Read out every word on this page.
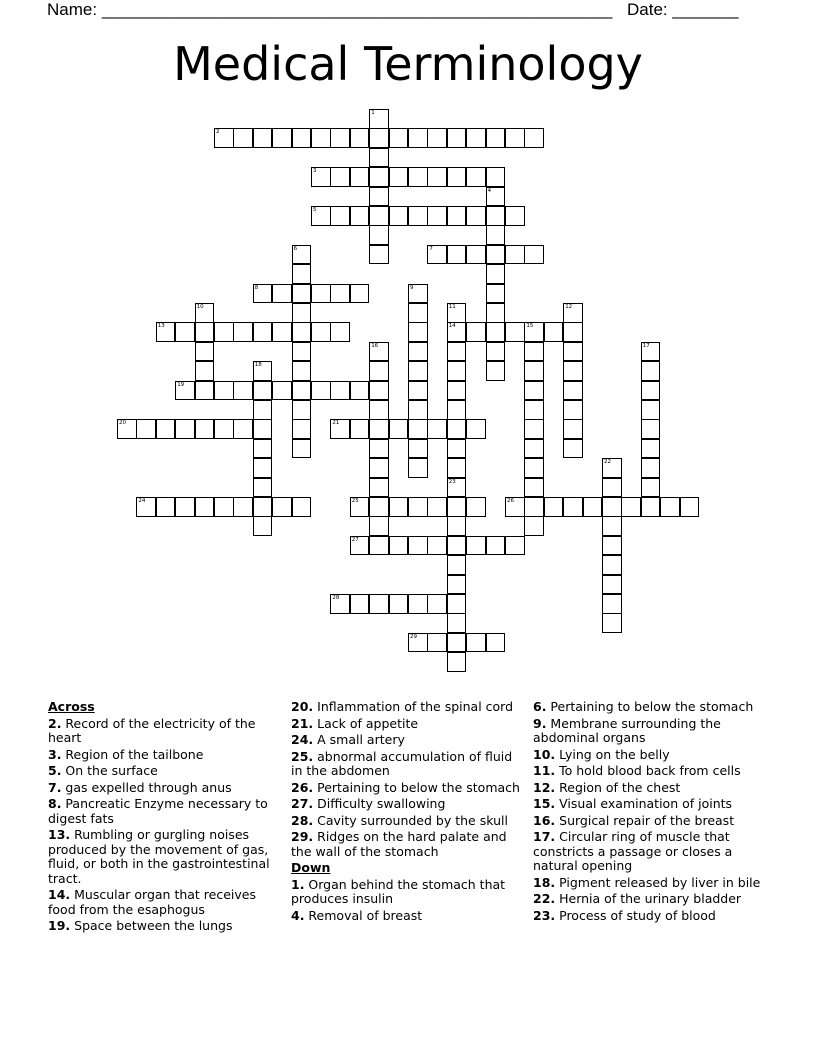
Name: ______________________________________________________ Date: _______
Medical Terminology
1
2
3
4
5
6	7
8	9
10	11
14
23
12
13	15
16	17
18
19
20	21
22
24	25	26
27
28
29
Across
2. Record of the electricity of the heart
3. Region of the tailbone
5. On the surface
7. gas expelled through anus
8. Pancreatic Enzyme necessary to digest fats
13. Rumbling or gurgling noises produced by the movement of gas, fluid, or both in the gastrointestinal tract.
14. Muscular organ that receives food from the esaphogus
19. Space between the lungs
20. Inflammation of the spinal cord
21. Lack of appetite
24. A small artery
25. abnormal accumulation of fluid in the abdomen
26. Pertaining to below the stomach
27. Difficulty swallowing
28. Cavity surrounded by the skull
29. Ridges on the hard palate and the wall of the stomach
Down
1. Organ behind the stomach that produces insulin
4. Removal of breast
6. Pertaining to below the stomach
9. Membrane surrounding the abdominal organs
10. Lying on the belly
11. To hold blood back from cells
12. Region of the chest
15. Visual examination of joints
16. Surgical repair of the breast
17. Circular ring of muscle that constricts a passage or closes a natural opening
18. Pigment released by liver in bile
22. Hernia of the urinary bladder
23. Process of study of blood
